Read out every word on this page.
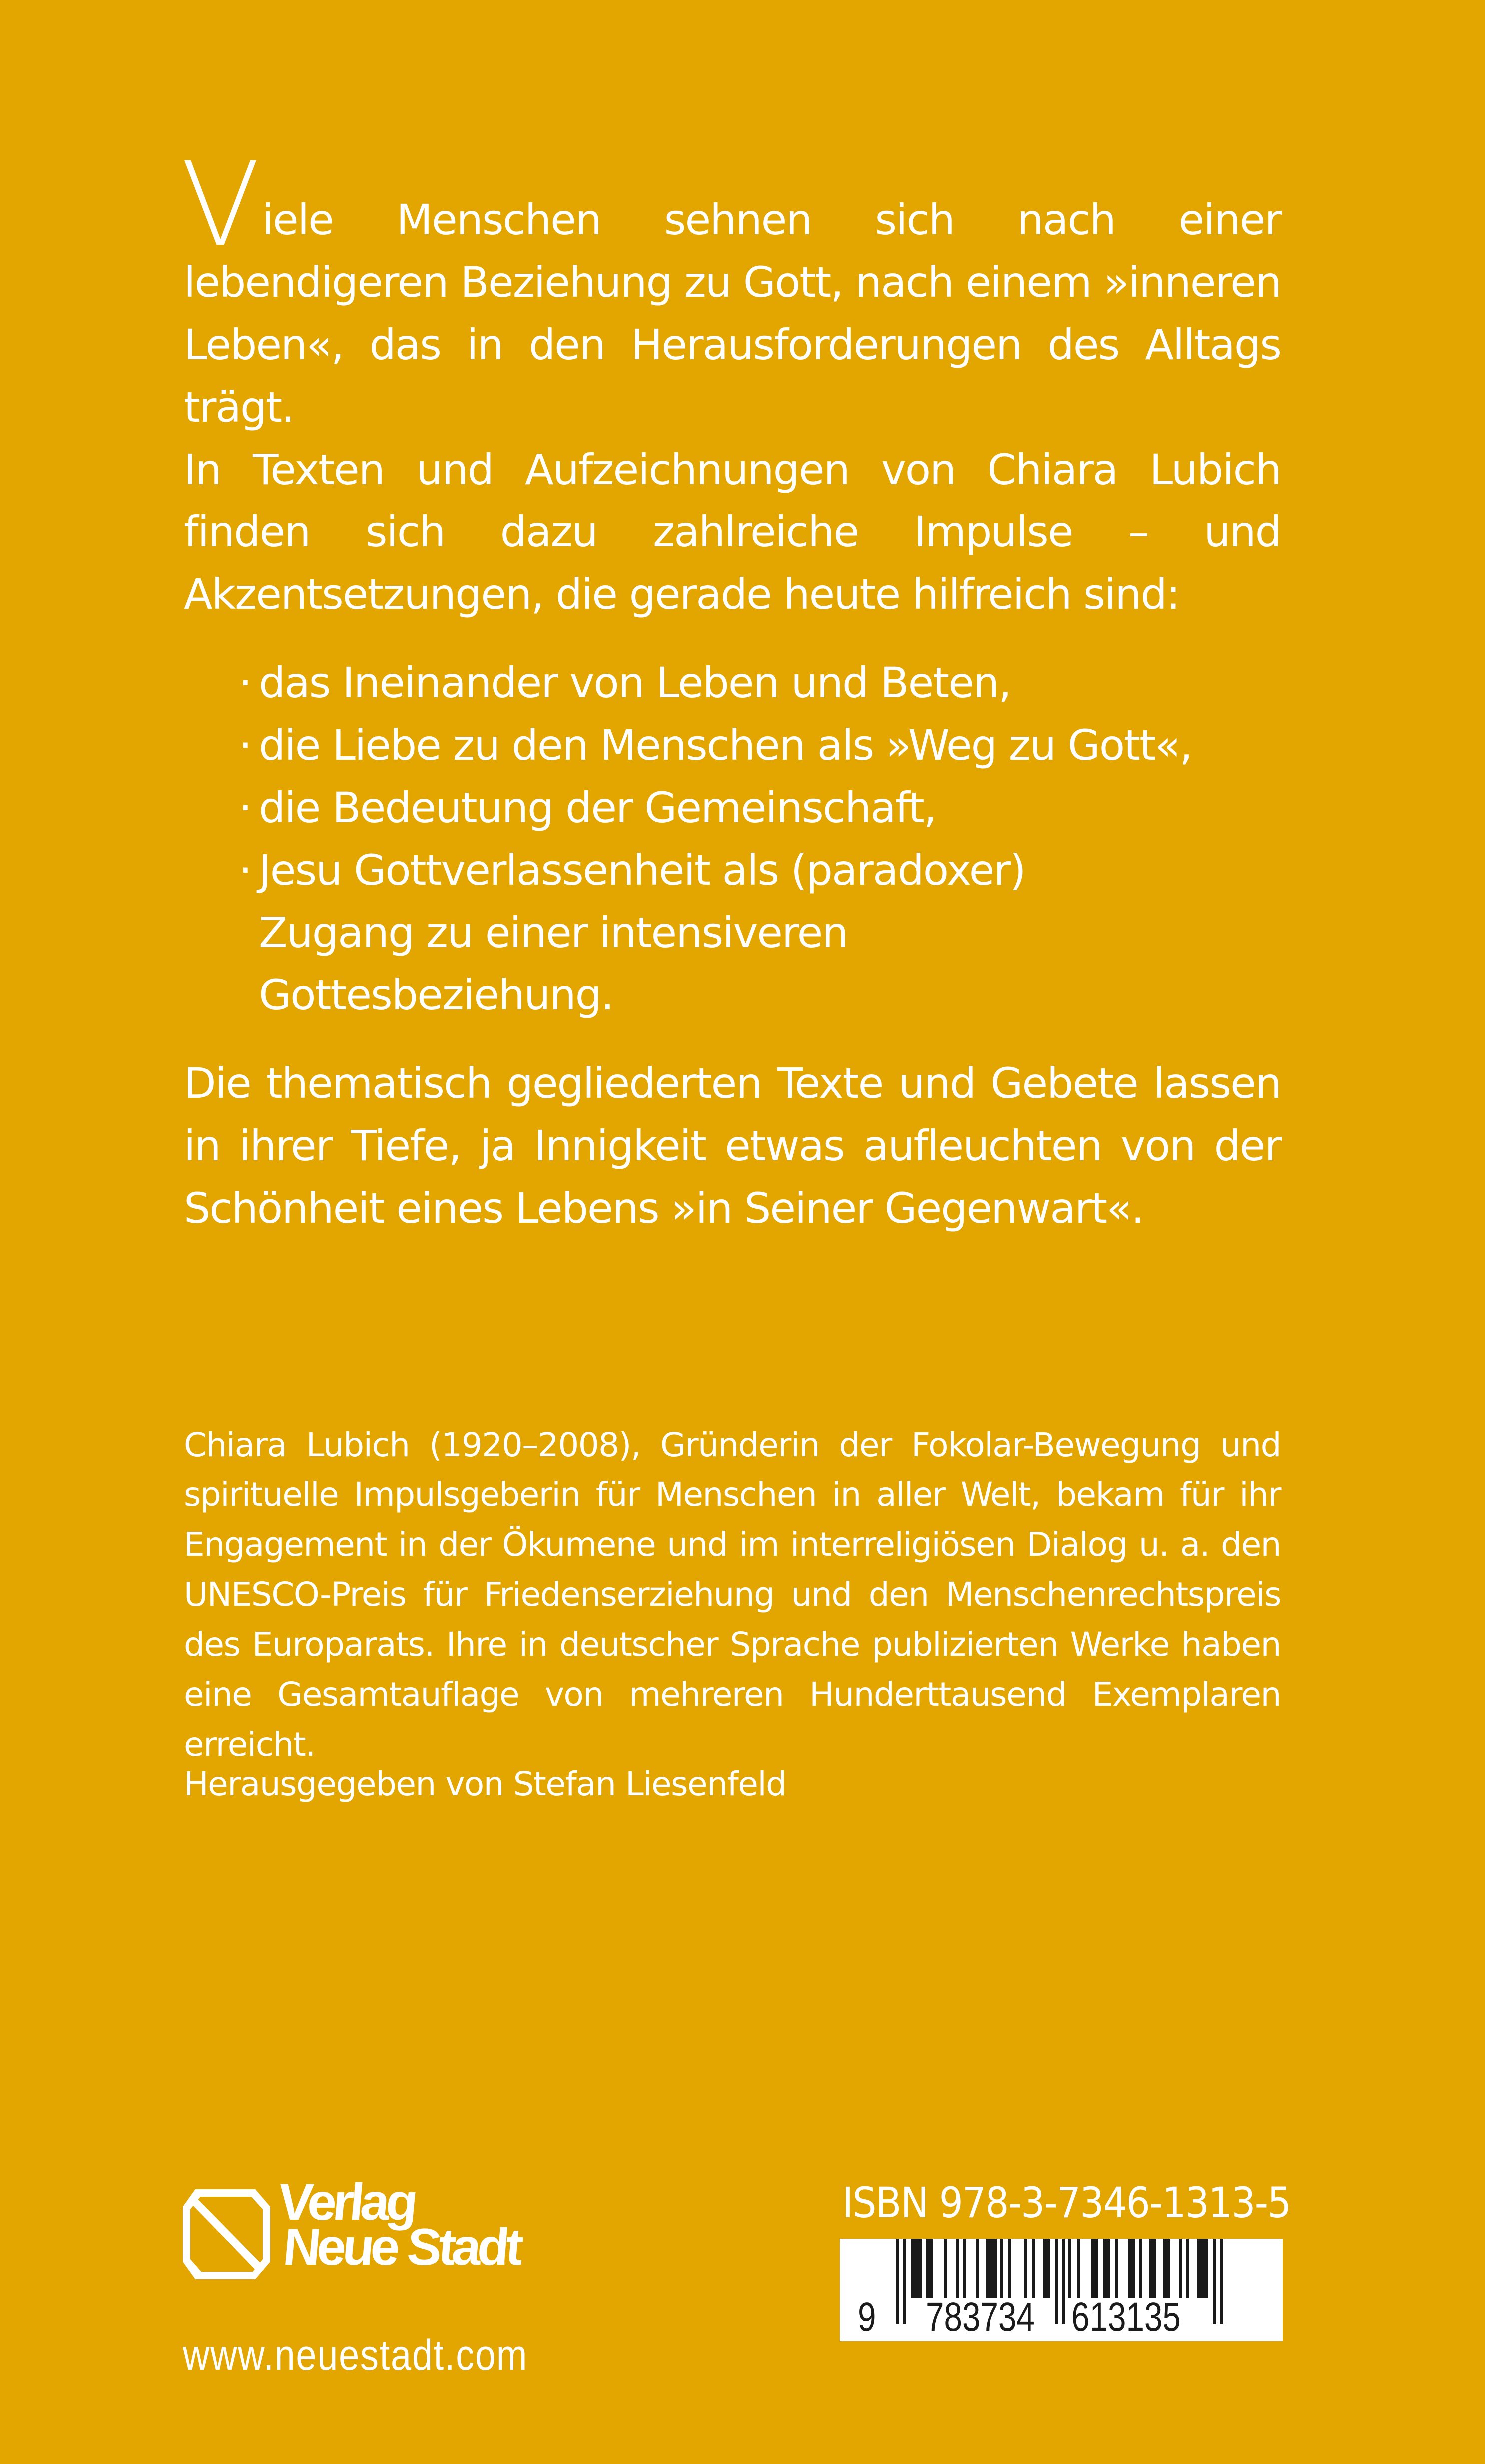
Viele Menschen sehnen sich nach einer lebendigeren Beziehung zu Gott, nach einem »inneren Leben«, das in den Herausforderungen des Alltags trägt.

In Texten und Aufzeichnungen von Chiara Lubich finden sich dazu zahlreiche Impulse – und Akzentsetzungen, die gerade heute hilfreich sind:

· das Ineinander von Leben und Beten,
· die Liebe zu den Menschen als »Weg zu Gott«,
· die Bedeutung der Gemeinschaft,
· Jesu Gottverlassenheit als (paradoxer) Zugang zu einer intensiveren Gottesbeziehung.

Die thematisch gegliederten Texte und Gebete lassen in ihrer Tiefe, ja Innigkeit etwas aufleuchten von der Schönheit eines Lebens »in Seiner Gegenwart«.

Chiara Lubich (1920–2008), Gründerin der Fokolar-Bewegung und spirituelle Impulsgeberin für Menschen in aller Welt, bekam für ihr Engagement in der Ökumene und im interreligiösen Dialog u. a. den UNESCO-Preis für Friedenserziehung und den Menschenrechtspreis des Europarats. Ihre in deutscher Sprache publizierten Werke haben eine Gesamtauflage von mehreren Hunderttausend Exemplaren erreicht.

Herausgegeben von Stefan Liesenfeld
Verlag
Neue Stadt
www.neuestadt.com
ISBN 978-3-7346-1313-5
9 783734 613135
